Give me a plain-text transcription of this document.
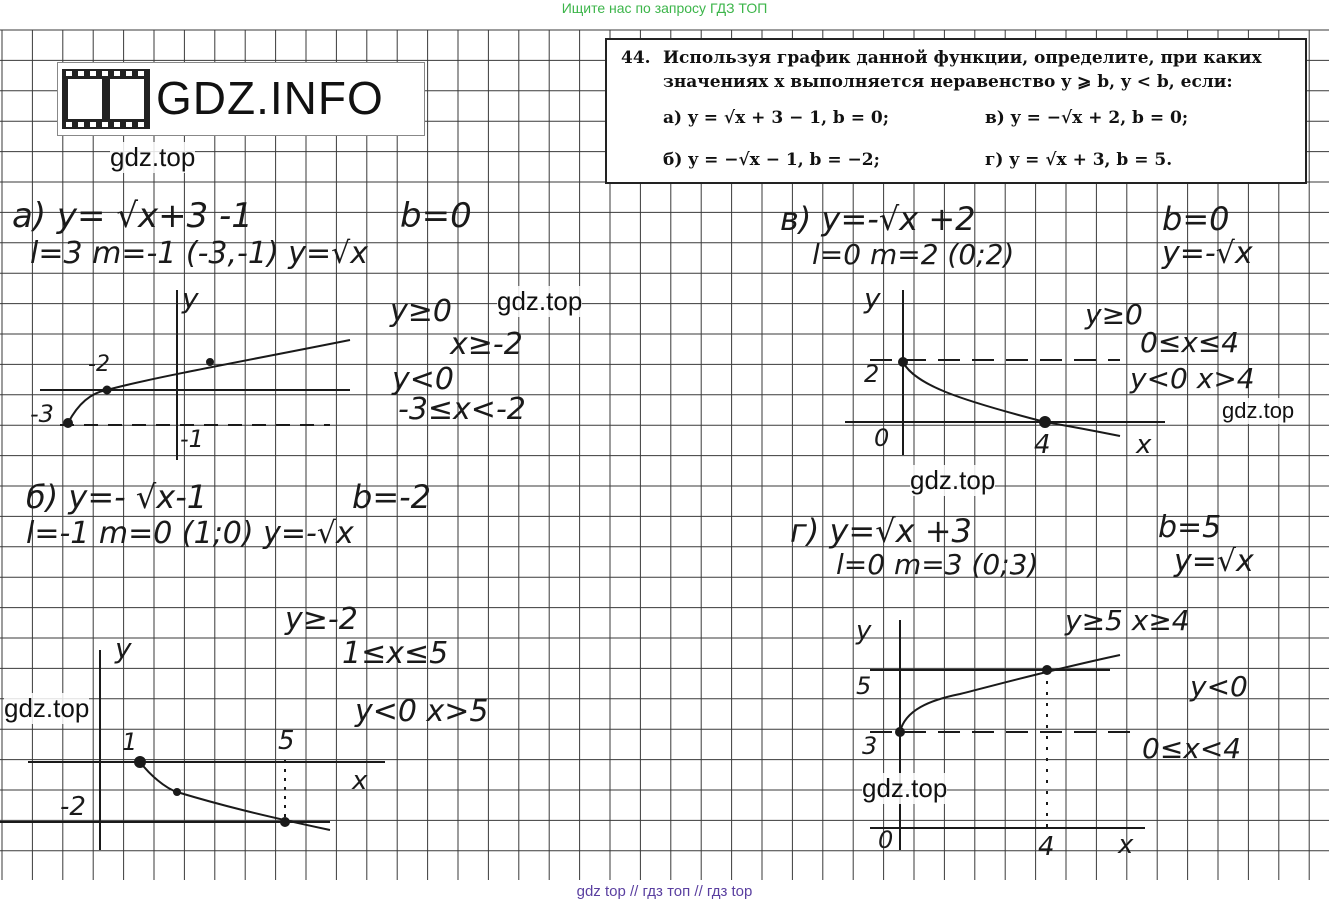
Ищите нас по запросу ГДЗ ТОП
GDZ.INFO
44. Используя график данной функции, определите, при каких
значениях x выполняется неравенство y ⩾ b, y < b, если:
а) y = √x + 3 − 1, b = 0;	в) y = −√x + 2, b = 0;
б) y = −√x − 1, b = −2;	г) y = √x + 3, b = 5.
а) y= √x+3 -1	b=0
l=3 m=-1 (-3,-1) y=√x
y	y≥0
x≥-2
y<0
-3≤x<-2
-2
-3
-1
в) y=-√x +2	b=0
l=0 m=2 (0;2)	y=-√x
y	y≥0
0≤x≤4
y<0 x>4
2
0	4	x
б) y=- √x-1	b=-2
l=-1 m=0 (1;0) y=-√x
y≥-2
1≤x≤5
y<0 x>5
y
1	5
x
-2
г) y=√x +3	b=5
l=0 m=3 (0;3)	y=√x
y≥5 x≥4
y<0
0≤x<4
y
5
3
0	4 x
gdz.top
gdz.top
gdz.top
gdz.top
gdz.top
gdz.top
gdz top // гдз топ // гдз top
